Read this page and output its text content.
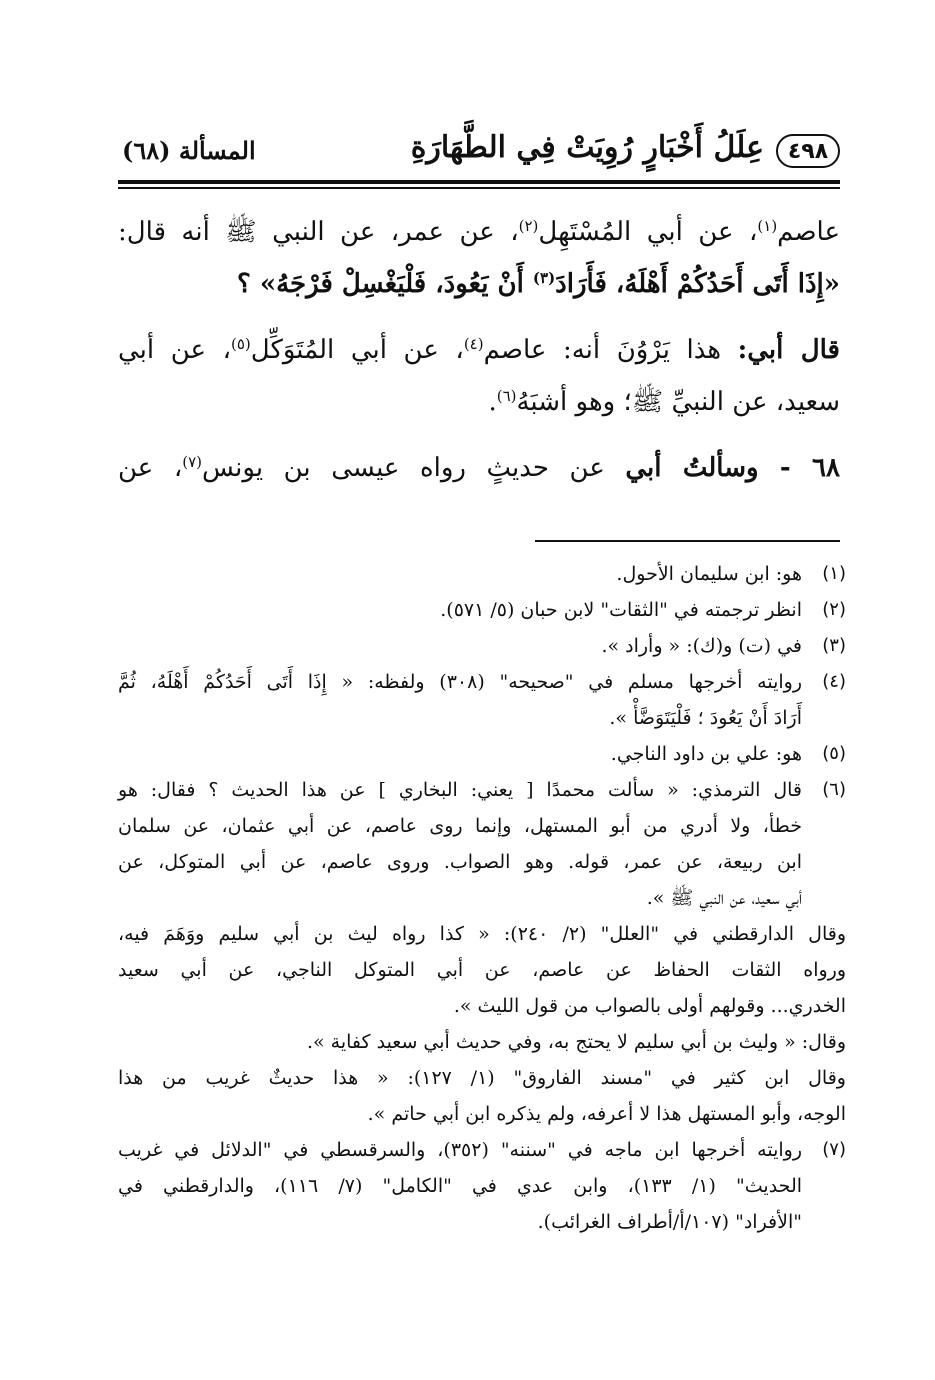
٤٩٨
عِلَلُ أَخْبَارٍ رُوِيَتْ فِي الطَّهَارَةِ
المسألة (٦٨)
عاصم$^{(١)}$، عن أبي المُسْتَهِل$^{(٢)}$، عن عمر، عن النبي ﷺ أنه قال:
«إِذَا أَتَى أَحَدُكُمْ أَهْلَهُ، فَأَرَادَ$^{(٣)}$ أَنْ يَعُودَ، فَلْيَغْسِلْ فَرْجَهُ» ؟
قال أبي: هذا يَرْوُنَ أنه: عاصم$^{(٤)}$، عن أبي المُتَوَكِّل$^{(٥)}$، عن أبي
سعيد، عن النبيِّ ﷺ؛ وهو أشبَهُ$^{(٦)}$.
٦٨ - وسألتُ أبي عن حديثٍ رواه عيسى بن يونس$^{(٧)}$، عن
(١)
هو: ابن سليمان الأحول.
(٢)
انظر ترجمته في "الثقات" لابن حبان (٥/ ٥٧١).
(٣)
في (ت) و(ك): « وأراد ».
(٤)
روايته أخرجها مسلم في "صحيحه" (٣٠٨) ولفظه: « إِذَا أَتَى أَحَدُكُمْ أَهْلَهُ، ثُمَّ
أَرَادَ أَنْ يَعُودَ ؛ فَلْيَتَوَضَّأْ ».
(٥)
هو: علي بن داود الناجي.
(٦)
قال الترمذي: « سألت محمدًا [ يعني: البخاري ] عن هذا الحديث ؟ فقال: هو
خطأ، ولا أدري من أبو المستهل، وإنما روى عاصم، عن أبي عثمان، عن سلمان
ابن ربيعة، عن عمر، قوله. وهو الصواب. وروى عاصم، عن أبي المتوكل، عن
أبي سعيد، عن النبي ﷺ ».
وقال الدارقطني في "العلل" (٢/ ٢٤٠): « كذا رواه ليث بن أبي سليم ووَهَمَ فيه،
ورواه الثقات الحفاظ عن عاصم، عن أبي المتوكل الناجي، عن أبي سعيد
الخدري... وقولهم أولى بالصواب من قول الليث ».
وقال: « وليث بن أبي سليم لا يحتج به، وفي حديث أبي سعيد كفاية ».
وقال ابن كثير في "مسند الفاروق" (١/ ١٢٧): « هذا حديثٌ غريب من هذا
الوجه، وأبو المستهل هذا لا أعرفه، ولم يذكره ابن أبي حاتم ».
(٧)
روايته أخرجها ابن ماجه في "سننه" (٣٥٢)، والسرقسطي في "الدلائل في غريب
الحديث" (١/ ١٣٣)، وابن عدي في "الكامل" (٧/ ١١٦)، والدارقطني في
"الأفراد" (١٠٧/أ/أطراف الغرائب).
